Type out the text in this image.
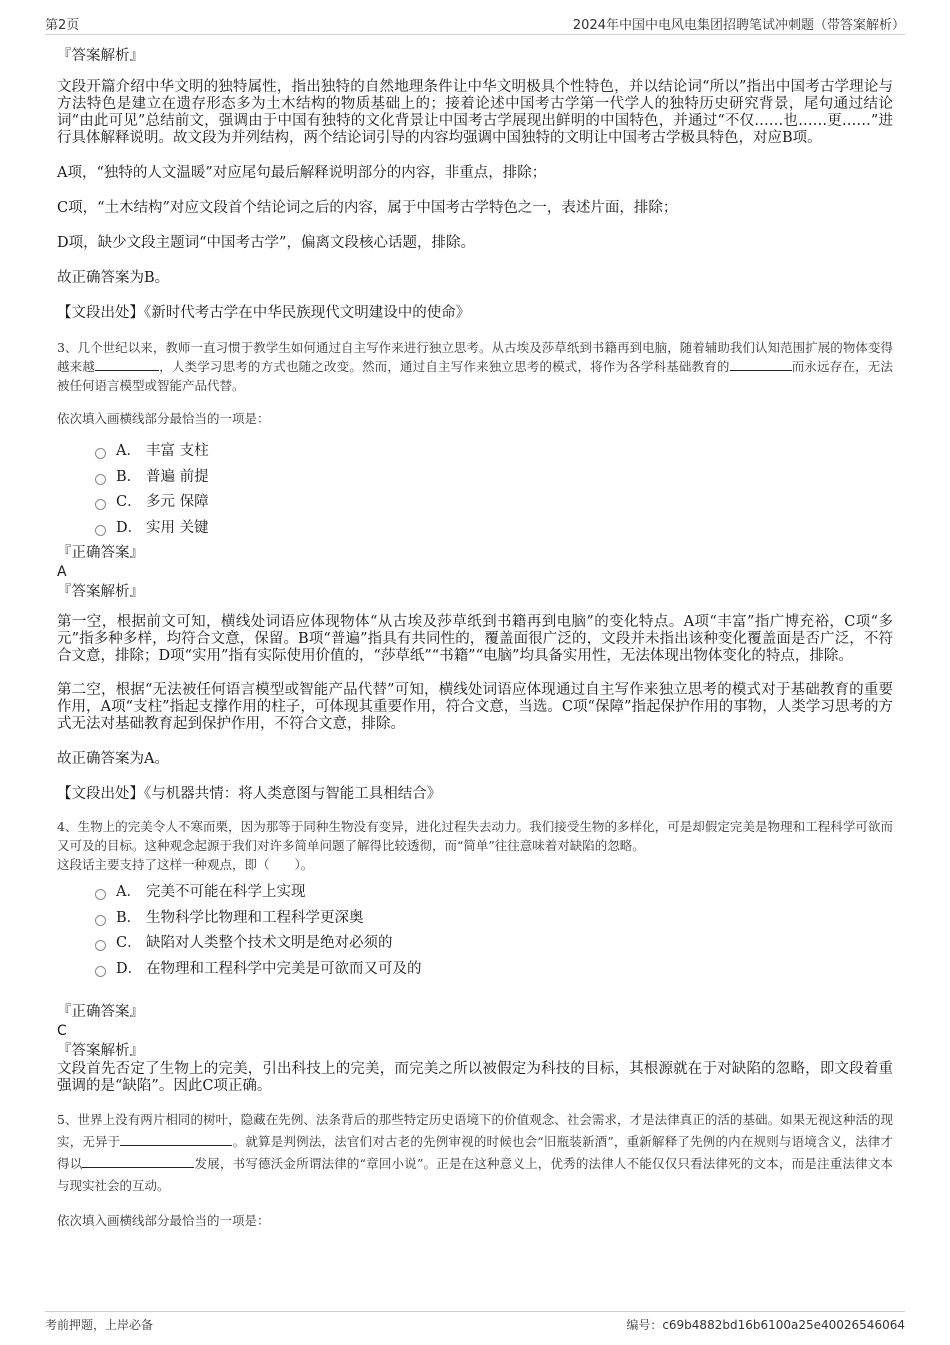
第2页	2024年中国中电风电集团招聘笔试冲刺题（带答案解析）

『答案解析』

文段开篇介绍中华文明的独特属性，指出独特的自然地理条件让中华文明极具个性特色，并以结论词“所以”指出中国考古学理论与方法特色是建立在遗存形态多为土木结构的物质基础上的；接着论述中国考古学第一代学人的独特历史研究背景，尾句通过结论词“由此可见”总结前文，强调由于中国有独特的文化背景让中国考古学展现出鲜明的中国特色，并通过“不仅……也……更……”进行具体解释说明。故文段为并列结构，两个结论词引导的内容均强调中国独特的文明让中国考古学极具特色，对应B项。

A项，“独特的人文温暖”对应尾句最后解释说明部分的内容，非重点，排除；

C项，“土木结构”对应文段首个结论词之后的内容，属于中国考古学特色之一，表述片面，排除；

D项，缺少文段主题词“中国考古学”，偏离文段核心话题，排除。

故正确答案为B。

【文段出处】《新时代考古学在中华民族现代文明建设中的使命》

3、几个世纪以来，教师一直习惯于教学生如何通过自主写作来进行独立思考。从古埃及莎草纸到书籍再到电脑，随着辅助我们认知范围扩展的物体变得越来越	，人类学习思考的方式也随之改变。然而，通过自主写作来独立思考的模式，将作为各学科基础教育的	而永远存在，无法被任何语言模型或智能产品代替。

依次填入画横线部分最恰当的一项是：

A． 丰富 支柱
B． 普遍 前提
C． 多元 保障
D． 实用 关键

『正确答案』

A

『答案解析』

第一空，根据前文可知，横线处词语应体现物体“从古埃及莎草纸到书籍再到电脑”的变化特点。A项“丰富”指广博充裕，C项“多元”指多种多样，均符合文意，保留。B项“普遍”指具有共同性的，覆盖面很广泛的，文段并未指出该种变化覆盖面是否广泛，不符合文意，排除；D项“实用”指有实际使用价值的，“莎草纸”“书籍”“电脑”均具备实用性，无法体现出物体变化的特点，排除。

第二空，根据“无法被任何语言模型或智能产品代替”可知，横线处词语应体现通过自主写作来独立思考的模式对于基础教育的重要作用，A项“支柱”指起支撑作用的柱子，可体现其重要作用，符合文意，当选。C项“保障”指起保护作用的事物，人类学习思考的方式无法对基础教育起到保护作用，不符合文意，排除。

故正确答案为A。

【文段出处】《与机器共情：将人类意图与智能工具相结合》

4、生物上的完美令人不寒而栗，因为那等于同种生物没有变异，进化过程失去动力。我们接受生物的多样化，可是却假定完美是物理和工程科学可欲而又可及的目标。这种观念起源于我们对许多简单问题了解得比较透彻，而“简单”往往意味着对缺陷的忽略。

这段话主要支持了这样一种观点，即（　　）。

A． 完美不可能在科学上实现
B． 生物科学比物理和工程科学更深奥
C． 缺陷对人类整个技术文明是绝对必须的
D． 在物理和工程科学中完美是可欲而又可及的

『正确答案』

C

『答案解析』

文段首先否定了生物上的完美，引出科技上的完美，而完美之所以被假定为科技的目标，其根源就在于对缺陷的忽略，即文段着重强调的是“缺陷”。因此C项正确。

5、世界上没有两片相同的树叶，隐藏在先例、法条背后的那些特定历史语境下的价值观念、社会需求，才是法律真正的活的基础。如果无视这种活的现实，无异于	。就算是判例法，法官们对古老的先例审视的时候也会“旧瓶装新酒”，重新解释了先例的内在规则与语境含义，法律才得以	发展，书写德沃金所谓法律的“章回小说”。正是在这种意义上，优秀的法律人不能仅仅只看法律死的文本，而是注重法律文本与现实社会的互动。

依次填入画横线部分最恰当的一项是：

考前押题，上岸必备	编号：c69b4882bd16b6100a25e40026546064
